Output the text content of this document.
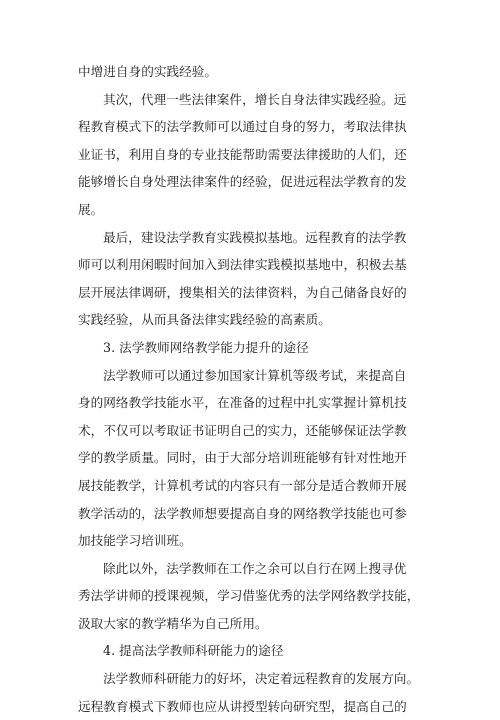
中增进自身的实践经验。
其次，代理一些法律案件，增长自身法律实践经验。远
程教育模式下的法学教师可以通过自身的努力，考取法律执
业证书，利用自身的专业技能帮助需要法律援助的人们，还
能够增长自身处理法律案件的经验，促进远程法学教育的发
展。
最后，建设法学教育实践模拟基地。远程教育的法学教
师可以利用闲暇时间加入到法律实践模拟基地中，积极去基
层开展法律调研，搜集相关的法律资料，为自己储备良好的
实践经验，从而具备法律实践经验的高素质。
3. 法学教师网络教学能力提升的途径
法学教师可以通过参加国家计算机等级考试，来提高自
身的网络教学技能水平，在准备的过程中扎实掌握计算机技
术，不仅可以考取证书证明自己的实力，还能够保证法学教
学的教学质量。同时，由于大部分培训班能够有针对性地开
展技能教学，计算机考试的内容只有一部分是适合教师开展
教学活动的，法学教师想要提高自身的网络教学技能也可参
加技能学习培训班。
除此以外，法学教师在工作之余可以自行在网上搜寻优
秀法学讲师的授课视频，学习借鉴优秀的法学网络教学技能，
汲取大家的教学精华为自己所用。
4. 提高法学教师科研能力的途径
法学教师科研能力的好坏，决定着远程教育的发展方向。
远程教育模式下教师也应从讲授型转向研究型，提高自己的
